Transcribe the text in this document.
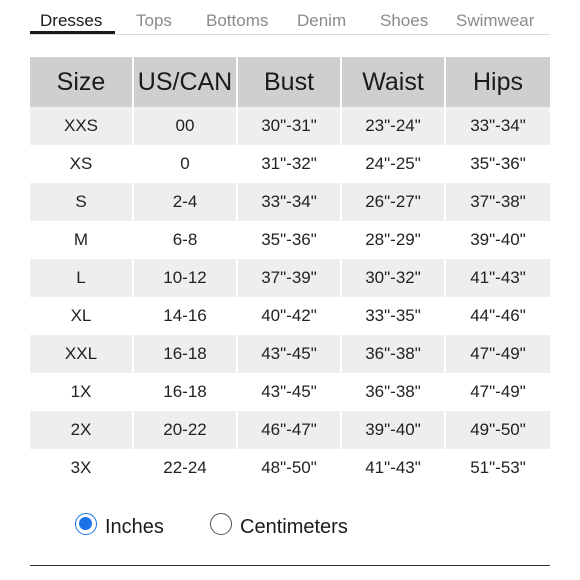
Dresses Tops Bottoms Denim Shoes Swimwear
Size	US/CAN	Bust	Waist	Hips
XXS	00	30"-31"	23"-24"	33"-34"
XS	0	31"-32"	24"-25"	35"-36"
S	2-4	33"-34"	26"-27"	37"-38"
M	6-8	35"-36"	28"-29"	39"-40"
L	10-12	37"-39"	30"-32"	41"-43"
XL	14-16	40"-42"	33"-35"	44"-46"
XXL	16-18	43"-45"	36"-38"	47"-49"
1X	16-18	43"-45"	36"-38"	47"-49"
2X	20-22	46"-47"	39"-40"	49"-50"
3X	22-24	48"-50"	41"-43"	51"-53"
Inches	Centimeters
